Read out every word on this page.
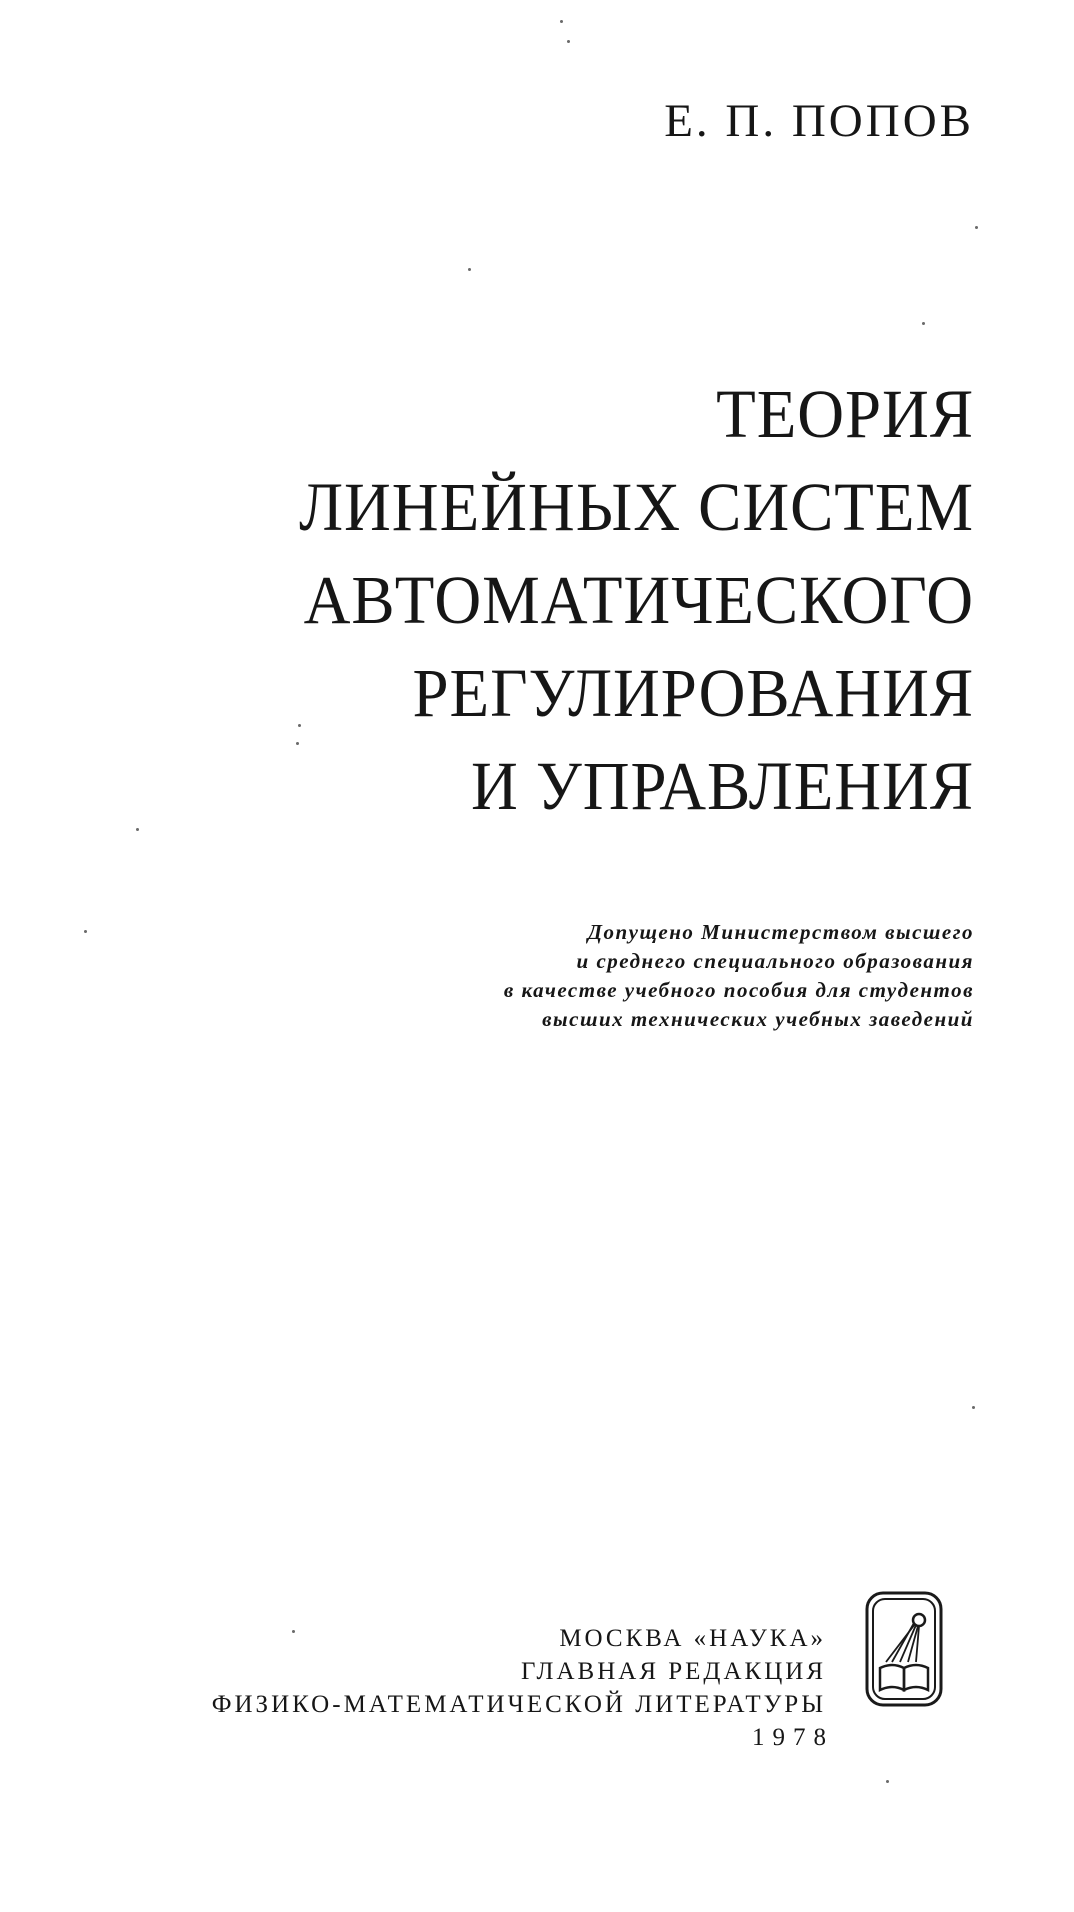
Е. П. ПОПОВ
ТЕОРИЯ
ЛИНЕЙНЫХ СИСТЕМ
АВТОМАТИЧЕСКОГО
РЕГУЛИРОВАНИЯ
И УПРАВЛЕНИЯ
Допущено Министерством высшего
и среднего специального образования
в качестве учебного пособия для студентов
высших технических учебных заведений
МОСКВА «НАУКА»
ГЛАВНАЯ РЕДАКЦИЯ
ФИЗИКО-МАТЕМАТИЧЕСКОЙ ЛИТЕРАТУРЫ
1978
